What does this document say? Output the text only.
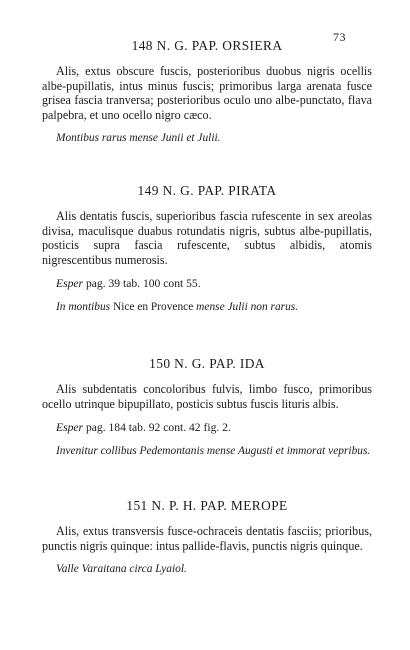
73
148 N. G. PAP. ORSIERA

Alis, extus obscure fuscis, posterioribus duobus nigris ocellis albe-pupillatis, intus minus fuscis; primoribus larga arenata fusce grisea fascia tranversa; posterioribus oculo uno albe-punctato, flava palpebra, et uno ocello nigro cæco.

Montibus rarus mense Junii et Julii.

149 N. G. PAP. PIRATA

Alis dentatis fuscis, superioribus fascia rufescente in sex areolas divisa, maculisque duabus rotundatis nigris, subtus albe-pupillatis, posticis supra fascia rufescente, subtus albidis, atomis nigrescentibus numerosis.

Esper pag. 39 tab. 100 cont 55.

In montibus Nice en Provence mense Julii non rarus.

150 N. G. PAP. IDA

Alis subdentatis concoloribus fulvis, limbo fusco, primoribus ocello utrinque bipupillato, posticis subtus fuscis lituris albis.

Esper pag. 184 tab. 92 cont. 42 fig. 2.

Invenitur collibus Pedemontanis mense Augusti et immorat vepribus.

151 N. P. H. PAP. MEROPE

Alis, extus transversis fusce-ochraceis dentatis fasciis; prioribus, punctis nigris quinque: intus pallide-flavis, punctis nigris quinque.

Valle Varaitana circa Lyaiol.
